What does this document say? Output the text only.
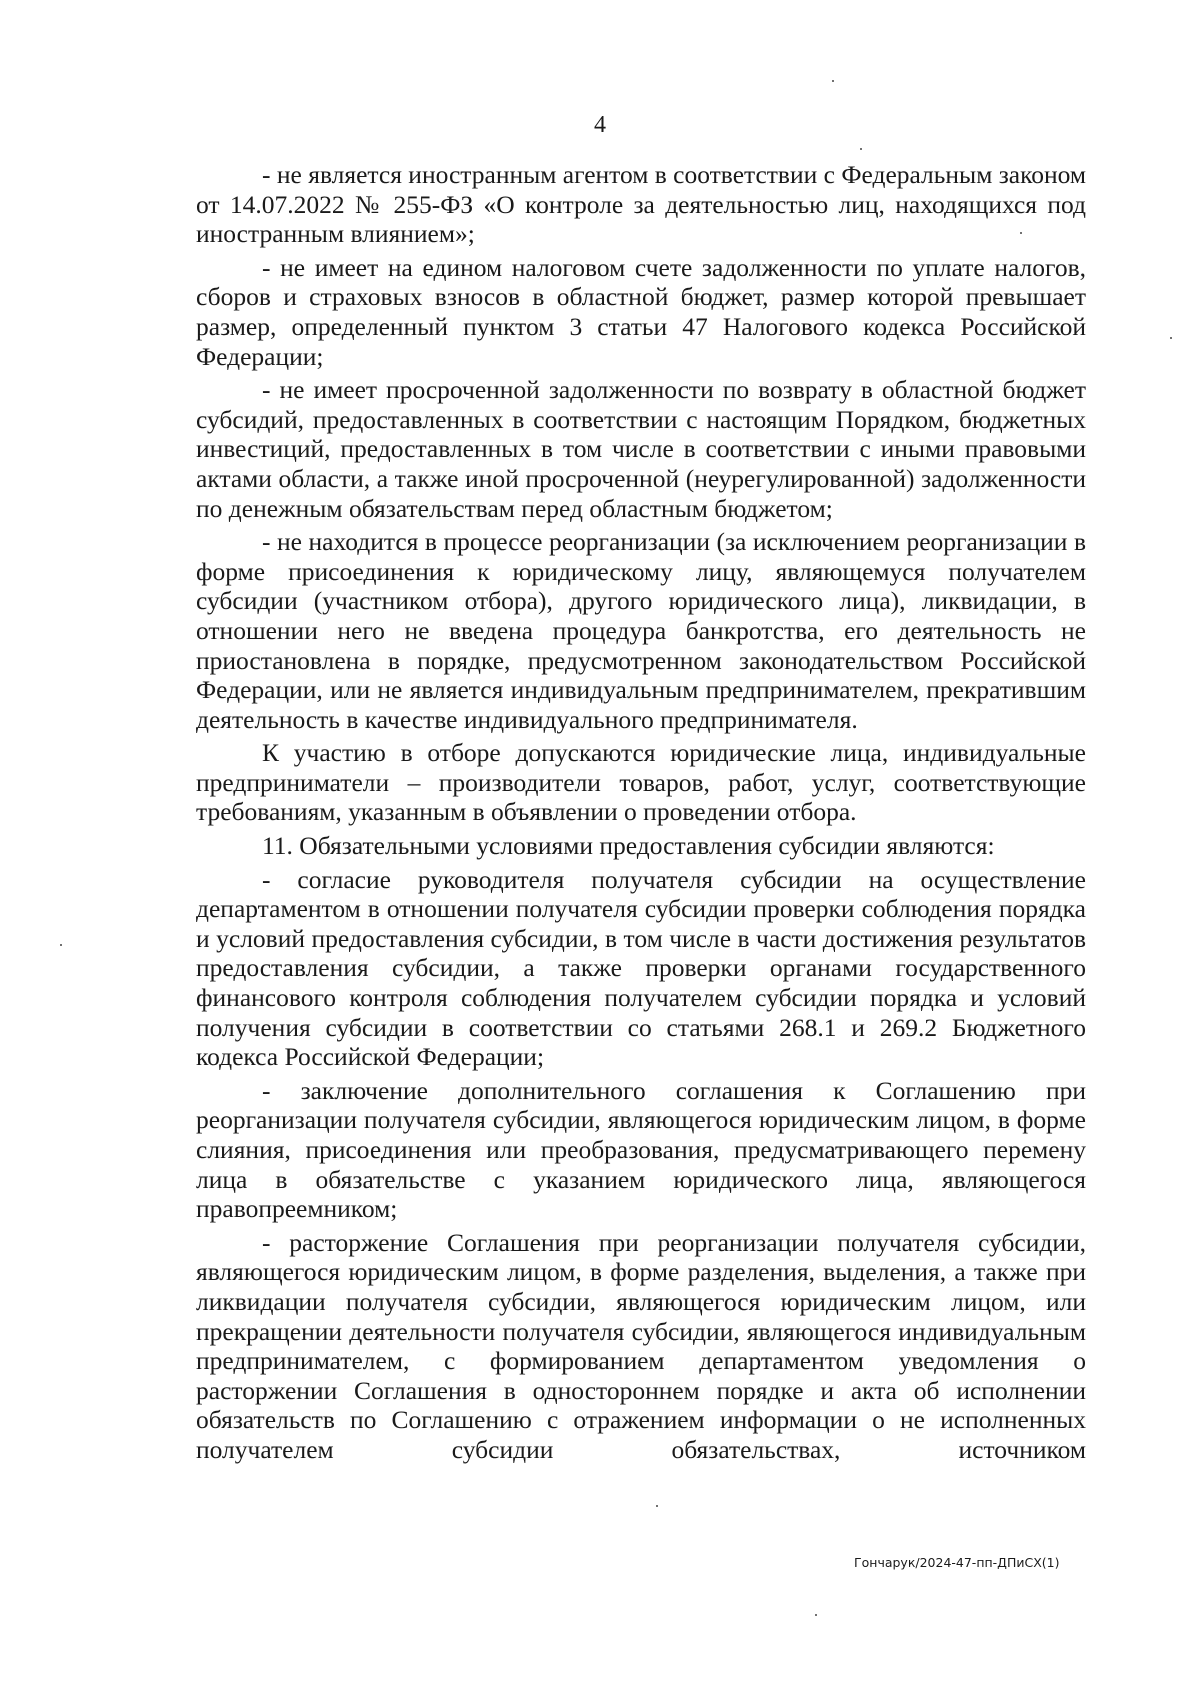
4

- не является иностранным агентом в соответствии с Федеральным законом от 14.07.2022 № 255-ФЗ «О контроле за деятельностью лиц, находящихся под иностранным влиянием»;

- не имеет на едином налоговом счете задолженности по уплате налогов, сборов и страховых взносов в областной бюджет, размер которой превышает размер, определенный пунктом 3 статьи 47 Налогового кодекса Российской Федерации;

- не имеет просроченной задолженности по возврату в областной бюджет субсидий, предоставленных в соответствии с настоящим Порядком, бюджетных инвестиций, предоставленных в том числе в соответствии с иными правовыми актами области, а также иной просроченной (неурегулированной) задолженности по денежным обязательствам перед областным бюджетом;

- не находится в процессе реорганизации (за исключением реорганизации в форме присоединения к юридическому лицу, являющемуся получателем субсидии (участником отбора), другого юридического лица), ликвидации, в отношении него не введена процедура банкротства, его деятельность не приостановлена в порядке, предусмотренном законодательством Российской Федерации, или не является индивидуальным предпринимателем, прекратившим деятельность в качестве индивидуального предпринимателя.

К участию в отборе допускаются юридические лица, индивидуальные предприниматели – производители товаров, работ, услуг, соответствующие требованиям, указанным в объявлении о проведении отбора.

11. Обязательными условиями предоставления субсидии являются:

- согласие руководителя получателя субсидии на осуществление департаментом в отношении получателя субсидии проверки соблюдения порядка и условий предоставления субсидии, в том числе в части достижения результатов предоставления субсидии, а также проверки органами государственного финансового контроля соблюдения получателем субсидии порядка и условий получения субсидии в соответствии со статьями 268.1 и 269.2 Бюджетного кодекса Российской Федерации;

- заключение дополнительного соглашения к Соглашению при реорганизации получателя субсидии, являющегося юридическим лицом, в форме слияния, присоединения или преобразования, предусматривающего перемену лица в обязательстве с указанием юридического лица, являющегося правопреемником;

- расторжение Соглашения при реорганизации получателя субсидии, являющегося юридическим лицом, в форме разделения, выделения, а также при ликвидации получателя субсидии, являющегося юридическим лицом, или прекращении деятельности получателя субсидии, являющегося индивидуальным предпринимателем, с формированием департаментом уведомления о расторжении Соглашения в одностороннем порядке и акта об исполнении обязательств по Соглашению с отражением информации о не исполненных получателем субсидии обязательствах, источником

Гончарук/2024-47-пп-ДПиСХ(1)
